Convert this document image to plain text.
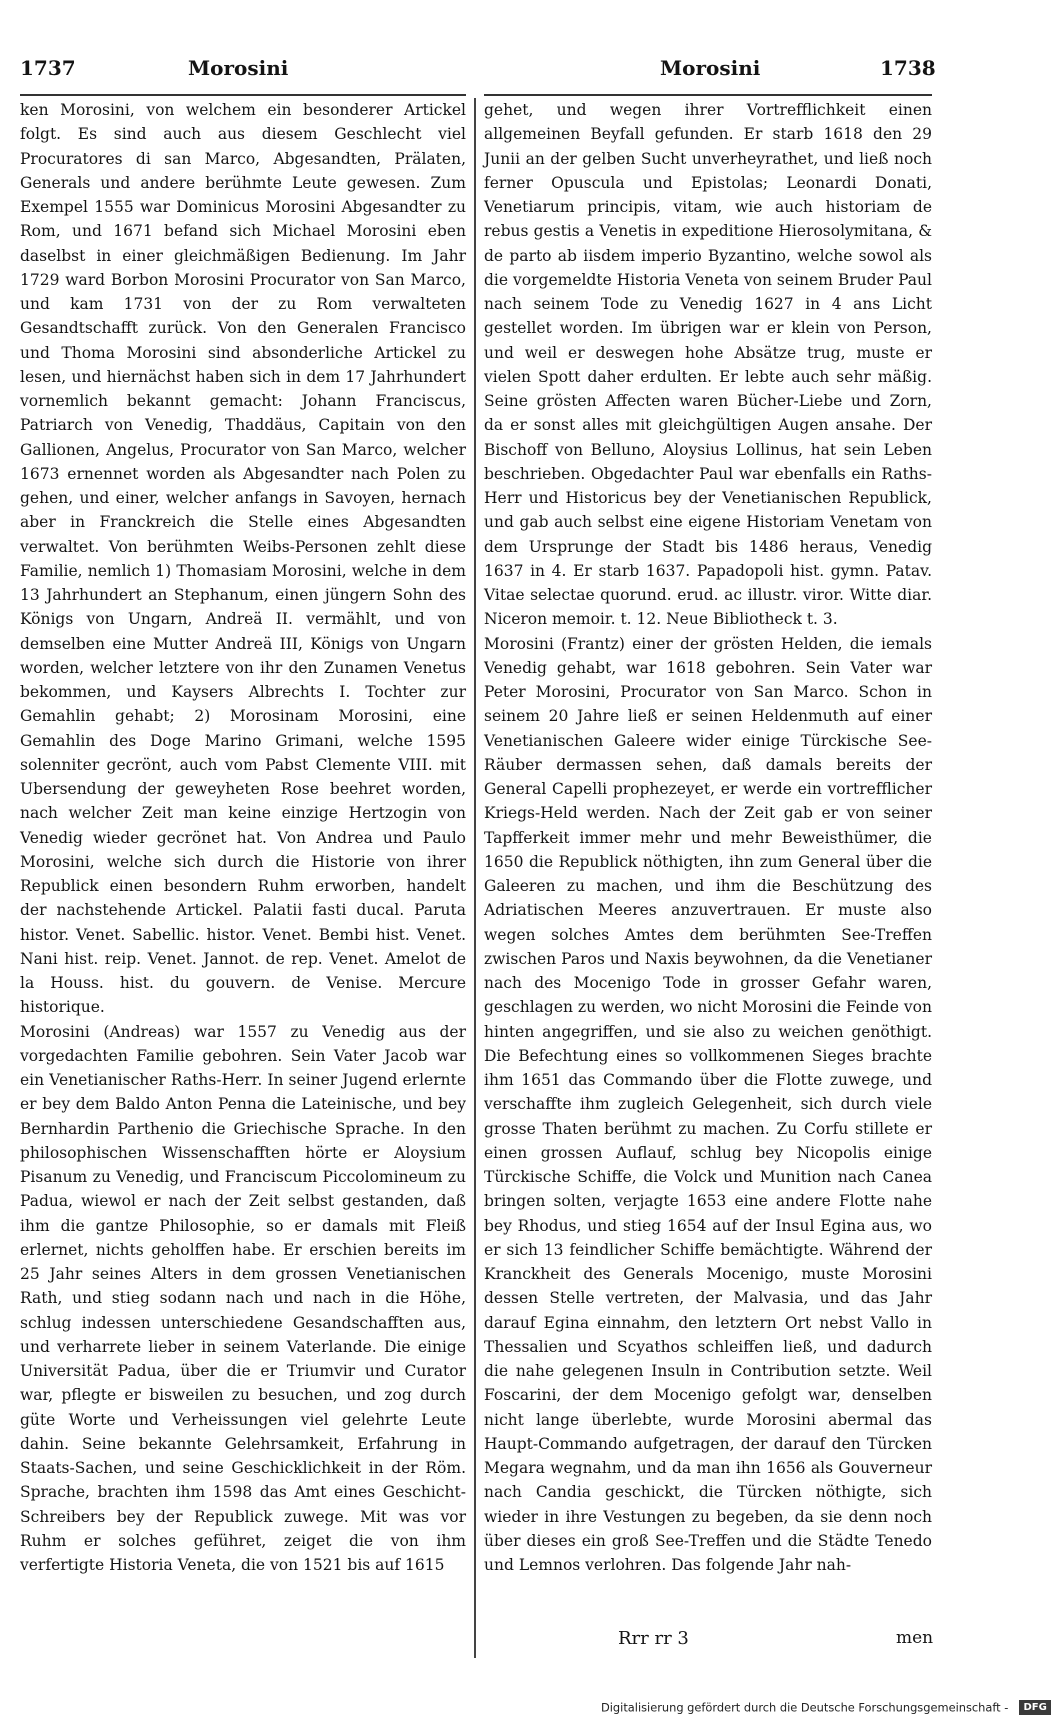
1737	Morosini	Morosini	1738

ken Morosini, von welchem ein besonderer Artickel folgt. Es sind auch aus diesem Geschlecht viel Procuratores di san Marco, Abgesandten, Prälaten, Generals und andere berühmte Leute gewesen. Zum Exempel 1555 war Dominicus Morosini Abgesandter zu Rom, und 1671 befand sich Michael Morosini eben daselbst in einer gleichmäßigen Bedienung. Im Jahr 1729 ward Borbon Morosini Procurator von San Marco, und kam 1731 von der zu Rom verwalteten Gesandtschafft zurück. Von den Generalen Francisco und Thoma Morosini sind absonderliche Artickel zu lesen, und hiernächst haben sich in dem 17 Jahrhundert vornemlich bekannt gemacht: Johann Franciscus, Patriarch von Venedig, Thaddäus, Capitain von den Gallionen, Angelus, Procurator von San Marco, welcher 1673 ernennet worden als Abgesandter nach Polen zu gehen, und einer, welcher anfangs in Savoyen, hernach aber in Franckreich die Stelle eines Abgesandten verwaltet. Von berühmten Weibs-Personen zehlt diese Familie, nemlich 1) Thomasiam Morosini, welche in dem 13 Jahrhundert an Stephanum, einen jüngern Sohn des Königs von Ungarn, Andreä II. vermählt, und von demselben eine Mutter Andreä III, Königs von Ungarn worden, welcher letztere von ihr den Zunamen Venetus bekommen, und Kaysers Albrechts I. Tochter zur Gemahlin gehabt; 2) Morosinam Morosini, eine Gemahlin des Doge Marino Grimani, welche 1595 solenniter gecrönt, auch vom Pabst Clemente VIII. mit Ubersendung der geweyheten Rose beehret worden, nach welcher Zeit man keine einzige Hertzogin von Venedig wieder gecrönet hat. Von Andrea und Paulo Morosini, welche sich durch die Historie von ihrer Republick einen besondern Ruhm erworben, handelt der nachstehende Artickel. Palatii fasti ducal. Paruta histor. Venet. Sabellic. histor. Venet. Bembi hist. Venet. Nani hist. reip. Venet. Jannot. de rep. Venet. Amelot de la Houss. hist. du gouvern. de Venise. Mercure historique.

Morosini (Andreas) war 1557 zu Venedig aus der vorgedachten Familie gebohren. Sein Vater Jacob war ein Venetianischer Raths-Herr. In seiner Jugend erlernte er bey dem Baldo Anton Penna die Lateinische, und bey Bernhardin Parthenio die Griechische Sprache. In den philosophischen Wissenschafften hörte er Aloysium Pisanum zu Venedig, und Franciscum Piccolomineum zu Padua, wiewol er nach der Zeit selbst gestanden, daß ihm die gantze Philosophie, so er damals mit Fleiß erlernet, nichts geholffen habe. Er erschien bereits im 25 Jahr seines Alters in dem grossen Venetianischen Rath, und stieg sodann nach und nach in die Höhe, schlug indessen unterschiedene Gesandschafften aus, und verharrete lieber in seinem Vaterlande. Die einige Universität Padua, über die er Triumvir und Curator war, pflegte er bisweilen zu besuchen, und zog durch güte Worte und Verheissungen viel gelehrte Leute dahin. Seine bekannte Gelehrsamkeit, Erfahrung in Staats-Sachen, und seine Geschicklichkeit in der Röm. Sprache, brachten ihm 1598 das Amt eines Geschicht-Schreibers bey der Republick zuwege. Mit was vor Ruhm er solches geführet, zeiget die von ihm verfertigte Historia Veneta, die von 1521 bis auf 1615

gehet, und wegen ihrer Vortrefflichkeit einen allgemeinen Beyfall gefunden. Er starb 1618 den 29 Junii an der gelben Sucht unverheyrathet, und ließ noch ferner Opuscula und Epistolas; Leonardi Donati, Venetiarum principis, vitam, wie auch historiam de rebus gestis a Venetis in expeditione Hierosolymitana, & de parto ab iisdem imperio Byzantino, welche sowol als die vorgemeldte Historia Veneta von seinem Bruder Paul nach seinem Tode zu Venedig 1627 in 4 ans Licht gestellet worden. Im übrigen war er klein von Person, und weil er deswegen hohe Absätze trug, muste er vielen Spott daher erdulten. Er lebte auch sehr mäßig. Seine grösten Affecten waren Bücher-Liebe und Zorn, da er sonst alles mit gleichgültigen Augen ansahe. Der Bischoff von Belluno, Aloysius Lollinus, hat sein Leben beschrieben. Obgedachter Paul war ebenfalls ein Raths-Herr und Historicus bey der Venetianischen Republick, und gab auch selbst eine eigene Historiam Venetam von dem Ursprunge der Stadt bis 1486 heraus, Venedig 1637 in 4. Er starb 1637. Papadopoli hist. gymn. Patav. Vitae selectae quorund. erud. ac illustr. viror. Witte diar. Niceron memoir. t. 12. Neue Bibliotheck t. 3.

Morosini (Frantz) einer der grösten Helden, die iemals Venedig gehabt, war 1618 gebohren. Sein Vater war Peter Morosini, Procurator von San Marco. Schon in seinem 20 Jahre ließ er seinen Heldenmuth auf einer Venetianischen Galeere wider einige Türckische See-Räuber dermassen sehen, daß damals bereits der General Capelli prophezeyet, er werde ein vortrefflicher Kriegs-Held werden. Nach der Zeit gab er von seiner Tapfferkeit immer mehr und mehr Beweisthümer, die 1650 die Republick nöthigten, ihn zum General über die Galeeren zu machen, und ihm die Beschützung des Adriatischen Meeres anzuvertrauen. Er muste also wegen solches Amtes dem berühmten See-Treffen zwischen Paros und Naxis beywohnen, da die Venetianer nach des Mocenigo Tode in grosser Gefahr waren, geschlagen zu werden, wo nicht Morosini die Feinde von hinten angegriffen, und sie also zu weichen genöthigt. Die Befechtung eines so vollkommenen Sieges brachte ihm 1651 das Commando über die Flotte zuwege, und verschaffte ihm zugleich Gelegenheit, sich durch viele grosse Thaten berühmt zu machen. Zu Corfu stillete er einen grossen Auflauf, schlug bey Nicopolis einige Türckische Schiffe, die Volck und Munition nach Canea bringen solten, verjagte 1653 eine andere Flotte nahe bey Rhodus, und stieg 1654 auf der Insul Egina aus, wo er sich 13 feindlicher Schiffe bemächtigte. Während der Kranckheit des Generals Mocenigo, muste Morosini dessen Stelle vertreten, der Malvasia, und das Jahr darauf Egina einnahm, den letztern Ort nebst Vallo in Thessalien und Scyathos schleiffen ließ, und dadurch die nahe gelegenen Insuln in Contribution setzte. Weil Foscarini, der dem Mocenigo gefolgt war, denselben nicht lange überlebte, wurde Morosini abermal das Haupt-Commando aufgetragen, der darauf den Türcken Megara wegnahm, und da man ihn 1656 als Gouverneur nach Candia geschickt, die Türcken nöthigte, sich wieder in ihre Vestungen zu begeben, da sie denn noch über dieses ein groß See-Treffen und die Städte Tenedo und Lemnos verlohren. Das folgende Jahr nah-

Rrr rr 3	men
Digitalisierung gefördert durch die Deutsche Forschungsgemeinschaft - DFG
